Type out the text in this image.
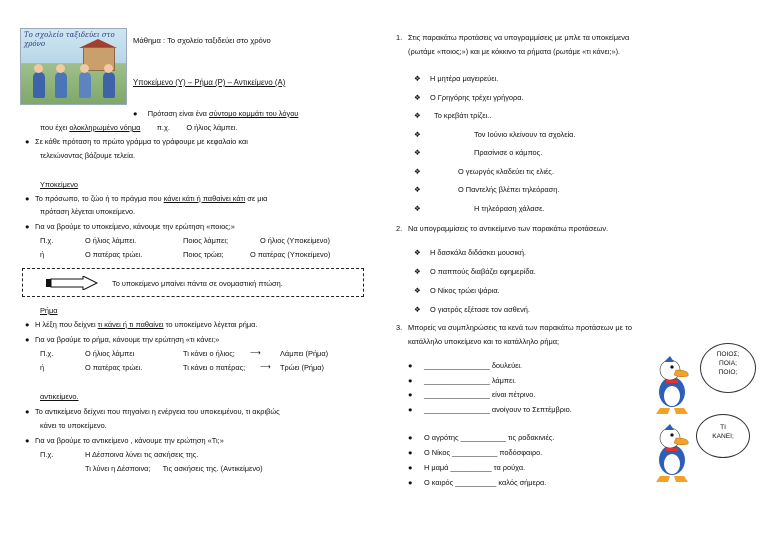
Το σχολείο ταξιδεύει στο χρόνο	Μάθημα : Το σχολείο ταξιδεύει στο χρόνο
Υποκείμενο (Υ) – Ρήμα (Ρ) – Αντικείμενο (Α)
●     Πρόταση είναι ένα σύντομο κομμάτι του λόγου
που έχει ολοκληρωμένο νόημα        π.χ.        Ο ήλιος λάμπει.
● Σε κάθε πρόταση το πρώτο γράμμα το γράφουμε με κεφαλαίο και
τελειώνοντας βάζουμε τελεία.
Υποκείμενο
● Το πρόσωπο, το ζώο ή το πράγμα που κάνει κάτι ή παθαίνει κάτι σε μια
πρόταση λέγεται υποκείμενο.
● Για να βρούμε το υποκείμενο, κάνουμε την ερώτηση «ποιος;»
Π.χ.	Ο ήλιος λάμπει.	Ποιος λάμπει;	Ο ήλιος (Υποκείμενο)
ή	Ο πατέρας τρώει.	Ποιος τρώει;	Ο πατέρας (Υποκείμενο)
Το υποκείμενο μπαίνει πάντα σε ονομαστική πτώση.
Ρήμα
● Η λέξη που δείχνει τι κάνει ή τι παθαίνει το υποκείμενο λέγεται ρήμα.
● Για να βρούμε το ρήμα, κάνουμε την ερώτηση «τι κάνει;»
Π.χ.	Ο ήλιος λάμπει	Τι κάνει ο ήλιος; ⟶	Λάμπει (Ρήμα)
ή	Ο πατέρας τρώει.	Τι κάνει ο πατέρας; ⟶ Τρώει (Ρήμα)
αντικείμενο.
● Το αντικείμενο δείχνει που πηγαίνει η ενέργεια του υποκειμένου, τι ακριβώς
κάνει το υποκείμενο.
● Για να βρούμε το αντικείμενο , κάνουμε την ερώτηση «Τι;»
Π.χ.	Η Δέσποινα λύνει τις ασκήσεις της.
Τι λύνει η Δέσποινα;      Τις ασκήσεις της. (Αντικείμενο)
1. Στις παρακάτω προτάσεις να υπογραμμίσεις με μπλε τα υποκείμενα
(ρωτάμε «ποιος;») και με κόκκινο τα ρήματα (ρωτάμε «τι κάνει;»).
2. Να υπογραμμίσεις το αντικείμενο των παρακάτω προτάσεων.
3. Μπορείς να συμπληρώσεις τα κενά των παρακάτω προτάσεων με το
κατάλληλο υποκείμενο και το κατάλληλο ρήμα;
ΠΟΙΟΣ;
ΠΟΙΑ;
ΠΟΙΟ;
ΤΙ
ΚΑΝΕΙ;
❖ Η μητέρα μαγειρεύει.
❖ Ο Γρηγόρης τρέχει γρήγορα.
❖ Το κρεβάτι τρίζει..
❖	Τον Ιούνιο κλείνουν τα σχολεία.
❖	Πρασίνισε ο κάμπος.
❖	Ο γεωργός κλαδεύει τις ελιές.
❖	Ο Παντελής βλέπει τηλεόραση.
❖	Η τηλεόραση χάλασε.
❖ Η δασκάλα διδάσκει μουσική.
❖ Ο παππούς διαβάζει εφημερίδα.
❖ Ο Νίκος τρώει ψάρια.
❖ Ο γιατρός εξέτασε τον ασθενή.
● ________________ δουλεύει.
● ________________ λάμπει.
● ________________ είναι πέτρινο.
● ________________ ανοίγουν το Σεπτέμβριο.
● Ο αγρότης ___________ τις ροδακινιές.
● Ο Νίκος ___________ ποδόσφαιρο.
● Η μαμά __________ τα ρούχα.
● Ο καιρός __________ καλός σήμερα.
